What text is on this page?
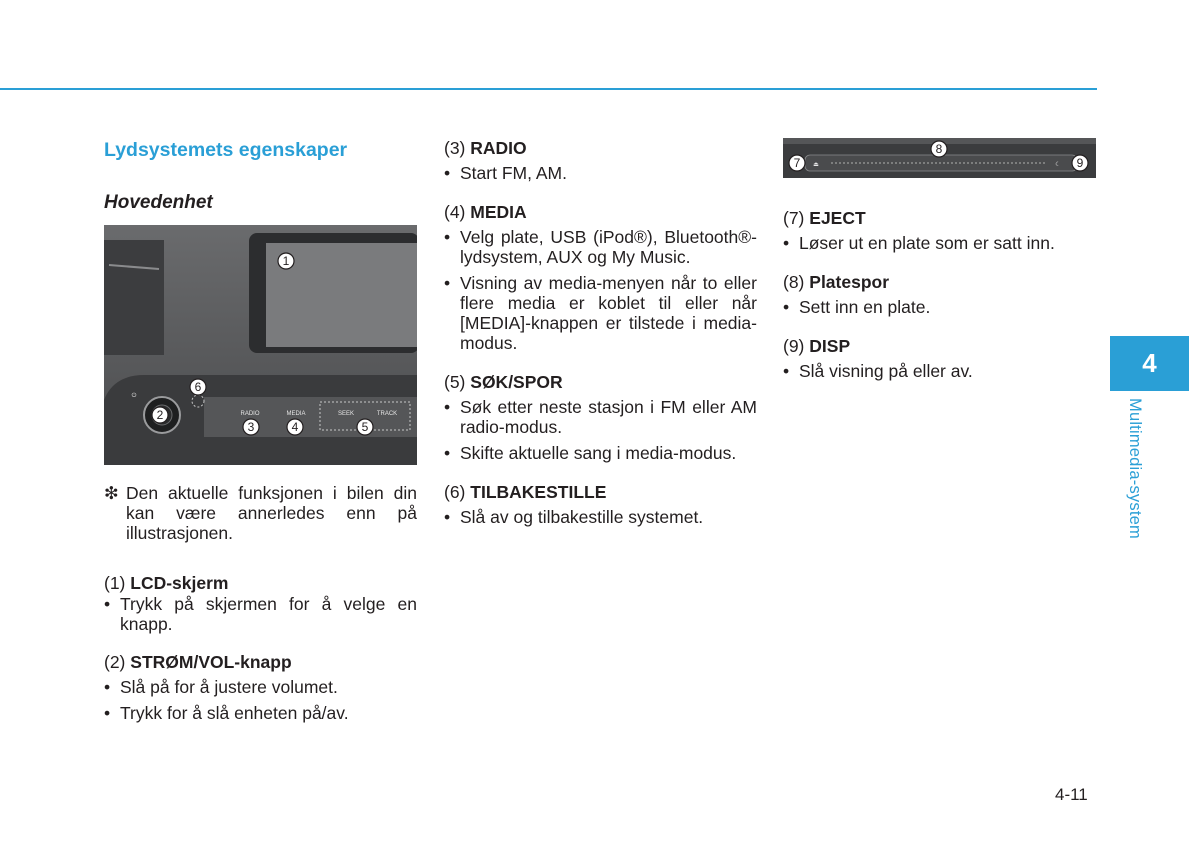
Lydsystemets egenskaper
Hovedenhet
⏻
RADIO	MEDIA	SEEK	TRACK
1
2
3	4	5
6
❇ Den aktuelle funksjonen i bilen din kan være annerledes enn på illustrasjonen.
(1) LCD-skjerm
• Trykk på skjermen for å velge en knapp.
(2) STRØM/VOL-knapp
• Slå på for å justere volumet.
• Trykk for å slå enheten på/av.
(3) RADIO
• Start FM, AM.
(4) MEDIA
• Velg plate, USB (iPod®), Bluetooth®-lydsystem, AUX og My Music.
• Visning av media-menyen når to eller flere media er koblet til eller når [MEDIA]-knappen er tilstede i media-modus.
(5) SØK/SPOR
• Søk etter neste stasjon i FM eller AM radio-modus.
• Skifte aktuelle sang i media-modus.
(6) TILBAKESTILLE
• Slå av og tilbakestille systemet.
⏏	☾
7
8
9
(7) EJECT
• Løser ut en plate som er satt inn.
(8) Platespor
• Sett inn en plate.
(9) DISP
• Slå visning på eller av.	4
Multimedia-system
4-11
